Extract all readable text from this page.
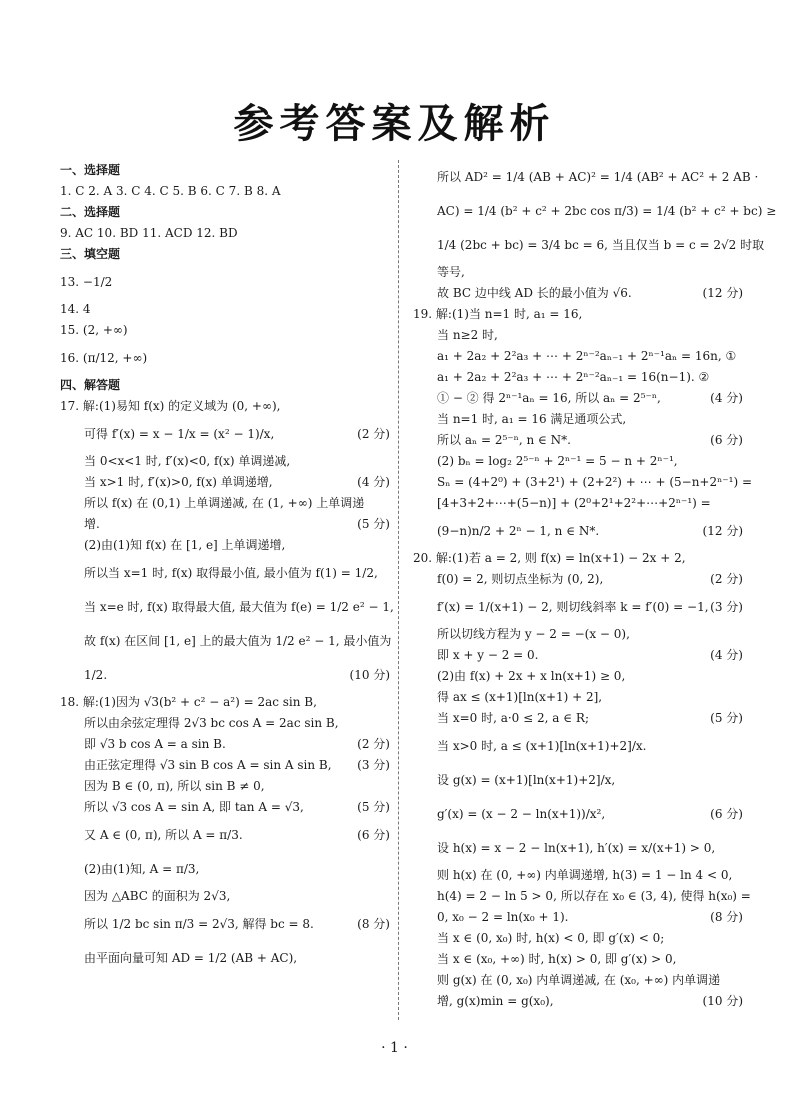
参考答案及解析
一、选择题
1. C 2. A 3. C 4. C 5. B 6. C 7. B 8. A
二、选择题
9. AC 10. BD 11. ACD 12. BD
三、填空题
13. −1/2
14. 4
15. (2, +∞)
16. (π/12, +∞)
四、解答题
17. 解:(1)易知 f(x) 的定义域为 (0, +∞),
可得 f′(x) = x − 1/x = (x² − 1)/x,	(2 分)
当 0<x<1 时, f′(x)<0, f(x) 单调递减,
当 x>1 时, f′(x)>0, f(x) 单调递增,	(4 分)
所以 f(x) 在 (0,1) 上单调递减, 在 (1, +∞) 上单调递
增.	(5 分)
(2)由(1)知 f(x) 在 [1, e] 上单调递增,
所以当 x=1 时, f(x) 取得最小值, 最小值为 f(1) = 1/2,
当 x=e 时, f(x) 取得最大值, 最大值为 f(e) = 1/2 e² − 1,
故 f(x) 在区间 [1, e] 上的最大值为 1/2 e² − 1, 最小值为
1/2.	(10 分)
18. 解:(1)因为 √3(b² + c² − a²) = 2ac sin B,
所以由余弦定理得 2√3 bc cos A = 2ac sin B,
即 √3 b cos A = a sin B.	(2 分)
由正弦定理得 √3 sin B cos A = sin A sin B, (3 分)
因为 B ∈ (0, π), 所以 sin B ≠ 0,
所以 √3 cos A = sin A, 即 tan A = √3,	(5 分)
又 A ∈ (0, π), 所以 A = π/3.	(6 分)
(2)由(1)知, A = π/3,
因为 △ABC 的面积为 2√3,
所以 1/2 bc sin π/3 = 2√3, 解得 bc = 8.	(8 分)
由平面向量可知 AD = 1/2 (AB + AC),
所以 AD² = 1/4 (AB + AC)² = 1/4 (AB² + AC² + 2 AB ·
AC) = 1/4 (b² + c² + 2bc cos π/3) = 1/4 (b² + c² + bc) ≥
1/4 (2bc + bc) = 3/4 bc = 6, 当且仅当 b = c = 2√2 时取
等号,
故 BC 边中线 AD 长的最小值为 √6.	(12 分)
19. 解:(1)当 n=1 时, a₁ = 16,
当 n≥2 时,
a₁ + 2a₂ + 2²a₃ + ⋯ + 2ⁿ⁻²aₙ₋₁ + 2ⁿ⁻¹aₙ = 16n, ①
a₁ + 2a₂ + 2²a₃ + ⋯ + 2ⁿ⁻²aₙ₋₁ = 16(n−1). ②
① − ② 得 2ⁿ⁻¹aₙ = 16, 所以 aₙ = 2⁵⁻ⁿ,	(4 分)
当 n=1 时, a₁ = 16 满足通项公式,
所以 aₙ = 2⁵⁻ⁿ, n ∈ N*.	(6 分)
(2) bₙ = log₂ 2⁵⁻ⁿ + 2ⁿ⁻¹ = 5 − n + 2ⁿ⁻¹,
Sₙ = (4+2⁰) + (3+2¹) + (2+2²) + ⋯ + (5−n+2ⁿ⁻¹) =
[4+3+2+⋯+(5−n)] + (2⁰+2¹+2²+⋯+2ⁿ⁻¹) =
(9−n)n/2 + 2ⁿ − 1, n ∈ N*.	(12 分)
20. 解:(1)若 a = 2, 则 f(x) = ln(x+1) − 2x + 2,
f(0) = 2, 则切点坐标为 (0, 2),	(2 分)
f′(x) = 1/(x+1) − 2, 则切线斜率 k = f′(0) = −1, (3 分)
所以切线方程为 y − 2 = −(x − 0),
即 x + y − 2 = 0.	(4 分)
(2)由 f(x) + 2x + x ln(x+1) ≥ 0,
得 ax ≤ (x+1)[ln(x+1) + 2],
当 x=0 时, a·0 ≤ 2, a ∈ R;	(5 分)
当 x>0 时, a ≤ (x+1)[ln(x+1)+2]/x.
设 g(x) = (x+1)[ln(x+1)+2]/x,
g′(x) = (x − 2 − ln(x+1))/x²,	(6 分)
设 h(x) = x − 2 − ln(x+1), h′(x) = x/(x+1) > 0,
则 h(x) 在 (0, +∞) 内单调递增, h(3) = 1 − ln 4 < 0,
h(4) = 2 − ln 5 > 0, 所以存在 x₀ ∈ (3, 4), 使得 h(x₀) =
0, x₀ − 2 = ln(x₀ + 1).	(8 分)
当 x ∈ (0, x₀) 时, h(x) < 0, 即 g′(x) < 0;
当 x ∈ (x₀, +∞) 时, h(x) > 0, 即 g′(x) > 0,
则 g(x) 在 (0, x₀) 内单调递减, 在 (x₀, +∞) 内单调递
增, g(x)min = g(x₀),	(10 分)
· 1 ·
